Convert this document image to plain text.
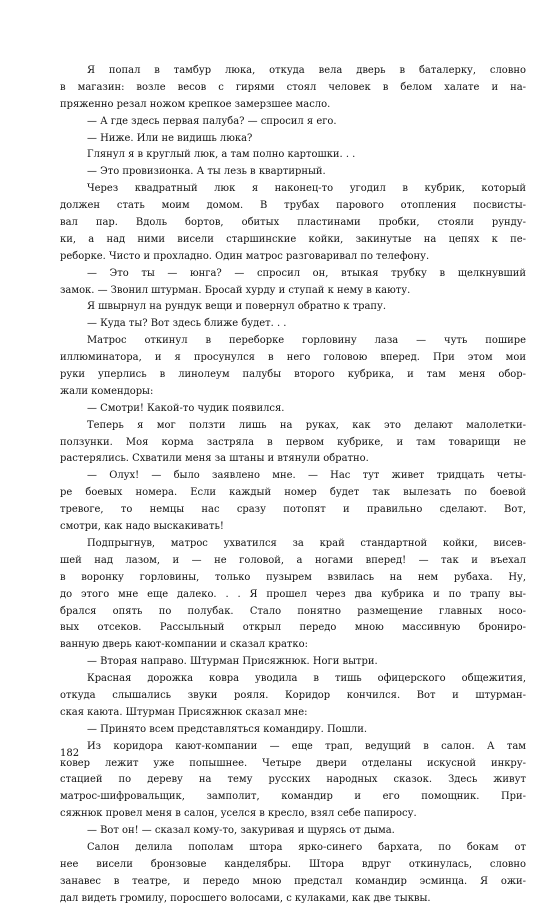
Я попал в тамбур люка, откуда вела дверь в баталерку, словно
в магазин: возле весов с гирями стоял человек в белом халате и на-
пряженно резал ножом крепкое замерзшее масло.
— А где здесь первая палуба? — спросил я его.
— Ниже. Или не видишь люка?
Глянул я в круглый люк, а там полно картошки. . .
— Это провизионка. А ты лезь в квартирный.
Через квадратный люк я наконец-то угодил в кубрик, который
должен стать моим домом. В трубах парового отопления посвисты-
вал пар. Вдоль бортов, обитых пластинами пробки, стояли рунду-
ки, а над ними висели старшинские койки, закинутые на цепях к пе-
реборке. Чисто и прохладно. Один матрос разговаривал по телефону.
— Это ты — юнга? — спросил он, втыкая трубку в щелкнувший
замок. — Звонил штурман. Бросай хурду и ступай к нему в каюту.
Я швырнул на рундук вещи и повернул обратно к трапу.
— Куда ты? Вот здесь ближе будет. . .
Матрос откинул в переборке горловину лаза — чуть пошире
иллюминатора, и я просунулся в него головою вперед. При этом мои
руки уперлись в линолеум палубы второго кубрика, и там меня обор-
жали комендоры:
— Смотри! Какой-то чудик появился.
Теперь я мог ползти лишь на руках, как это делают малолетки-
ползунки. Моя корма застряла в первом кубрике, и там товарищи не
растерялись. Схватили меня за штаны и втянули обратно.
— Олух! — было заявлено мне. — Нас тут живет тридцать четы-
ре боевых номера. Если каждый номер будет так вылезать по боевой
тревоге, то немцы нас сразу потопят и правильно сделают. Вот,
смотри, как надо выскакивать!
Подпрыгнув, матрос ухватился за край стандартной койки, висев-
шей над лазом, и — не головой, а ногами вперед! — так и въехал
в воронку горловины, только пузырем взвилась на нем рубаха. Ну,
до этого мне еще далеко. . . Я прошел через два кубрика и по трапу вы-
брался опять по полубак. Стало понятно размещение главных носо-
вых отсеков. Рассыльный открыл передо мною массивную брониро-
ванную дверь кают-компании и сказал кратко:
— Вторая направо. Штурман Присяжнюк. Ноги вытри.
Красная дорожка ковра уводила в тишь офицерского общежития,
откуда слышались звуки рояля. Коридор кончился. Вот и штурман-
ская каюта. Штурман Присяжнюк сказал мне:
— Принято всем представляться командиру. Пошли.
Из коридора кают-компании — еще трап, ведущий в салон. А там
ковер лежит уже попышнее. Четыре двери отделаны искусной инкру-
стацией по дереву на тему русских народных сказок. Здесь живут
матрос-шифровальщик, замполит, командир и его помощник. При-
сяжнюк провел меня в салон, уселся в кресло, взял себе папиросу.
— Вот он! — сказал кому-то, закуривая и щурясь от дыма.
Салон делила пополам штора ярко-синего бархата, по бокам от
нее висели бронзовые канделябры. Штора вдруг откинулась, словно
занавес в театре, и передо мною предстал командир эсминца. Я ожи-
дал видеть громилу, поросшего волосами, с кулаками, как две тыквы.
182
